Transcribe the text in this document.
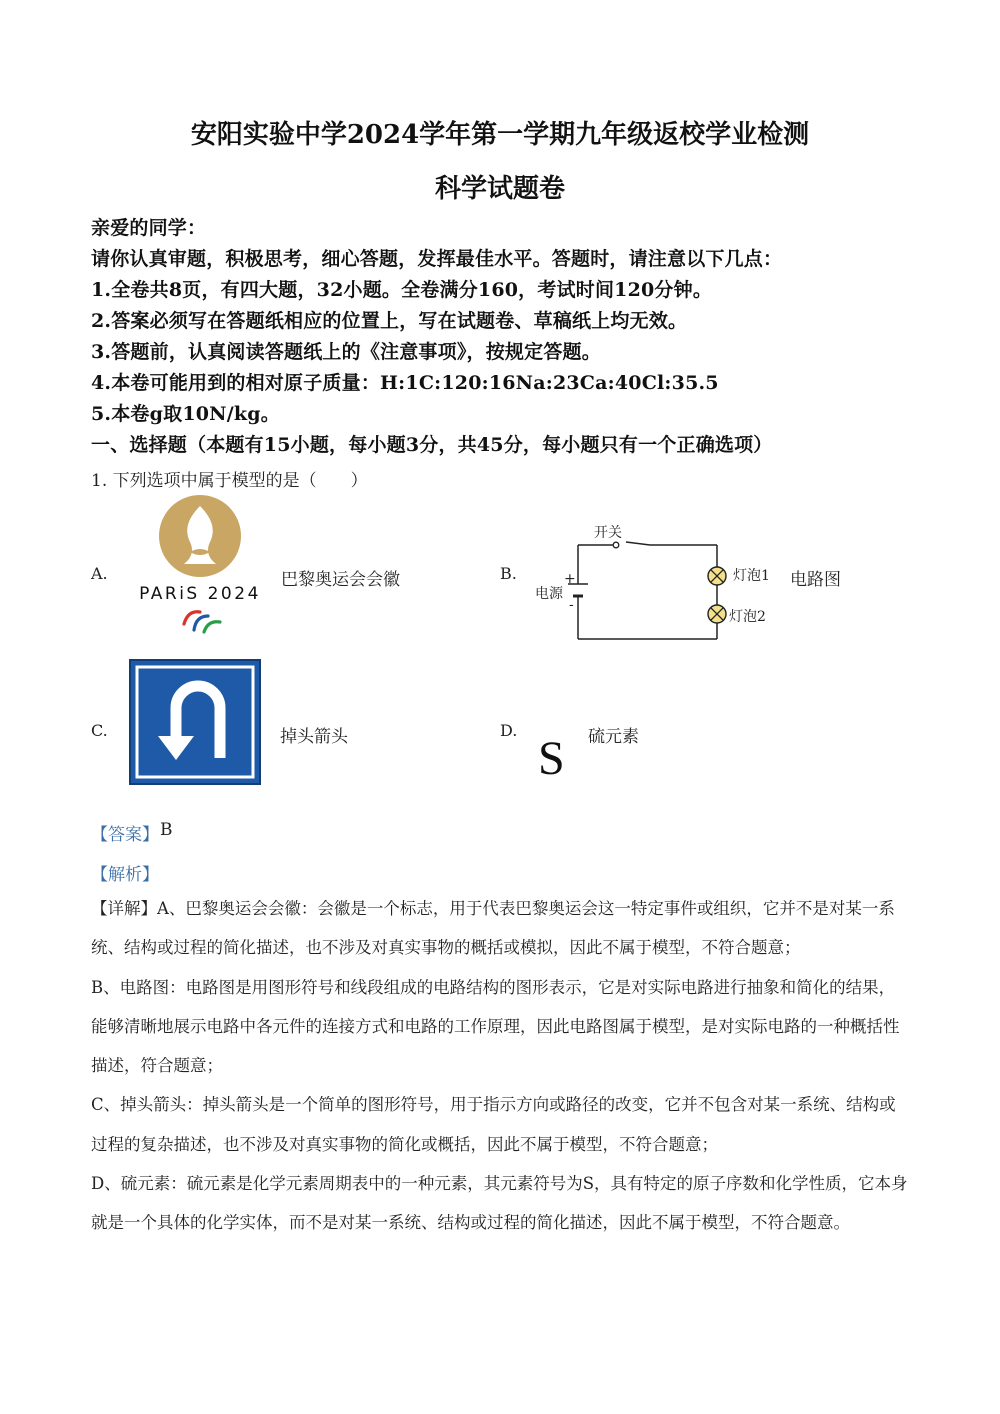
安阳实验中学2024学年第一学期九年级返校学业检测
科学试题卷
亲爱的同学：
请你认真审题，积极思考，细心答题，发挥最佳水平。答题时，请注意以下几点：
1.全卷共8页，有四大题，32小题。全卷满分160，考试时间120分钟。
2.答案必须写在答题纸相应的位置上，写在试题卷、草稿纸上均无效。
3.答题前，认真阅读答题纸上的《注意事项》，按规定答题。
4.本卷可能用到的相对原子质量：H:1C:120:16Na:23Ca:40Cl:35.5
5.本卷g取10N/kg。
一、选择题（本题有15小题，每小题3分，共45分，每小题只有一个正确选项）
1. 下列选项中属于模型的是（　　）
A.
PARiS 2024
巴黎奥运会会徽	B.
开关
+
电源
-
灯泡1
灯泡2
电路图
C.	掉头箭头	D.
S 硫元素
【答案】 B
【解析】

【详解】A、巴黎奥运会会徽：会徽是一个标志，用于代表巴黎奥运会这一特定事件或组织，它并不是对某一系统、结构或过程的简化描述，也不涉及对真实事物的概括或模拟，因此不属于模型，不符合题意；

B、电路图：电路图是用图形符号和线段组成的电路结构的图形表示，它是对实际电路进行抽象和简化的结果，能够清晰地展示电路中各元件的连接方式和电路的工作原理，因此电路图属于模型，是对实际电路的一种概括性描述，符合题意；

C、掉头箭头：掉头箭头是一个简单的图形符号，用于指示方向或路径的改变，它并不包含对某一系统、结构或过程的复杂描述，也不涉及对真实事物的简化或概括，因此不属于模型，不符合题意；

D、硫元素：硫元素是化学元素周期表中的一种元素，其元素符号为S，具有特定的原子序数和化学性质，它本身就是一个具体的化学实体，而不是对某一系统、结构或过程的简化描述，因此不属于模型，不符合题意。
